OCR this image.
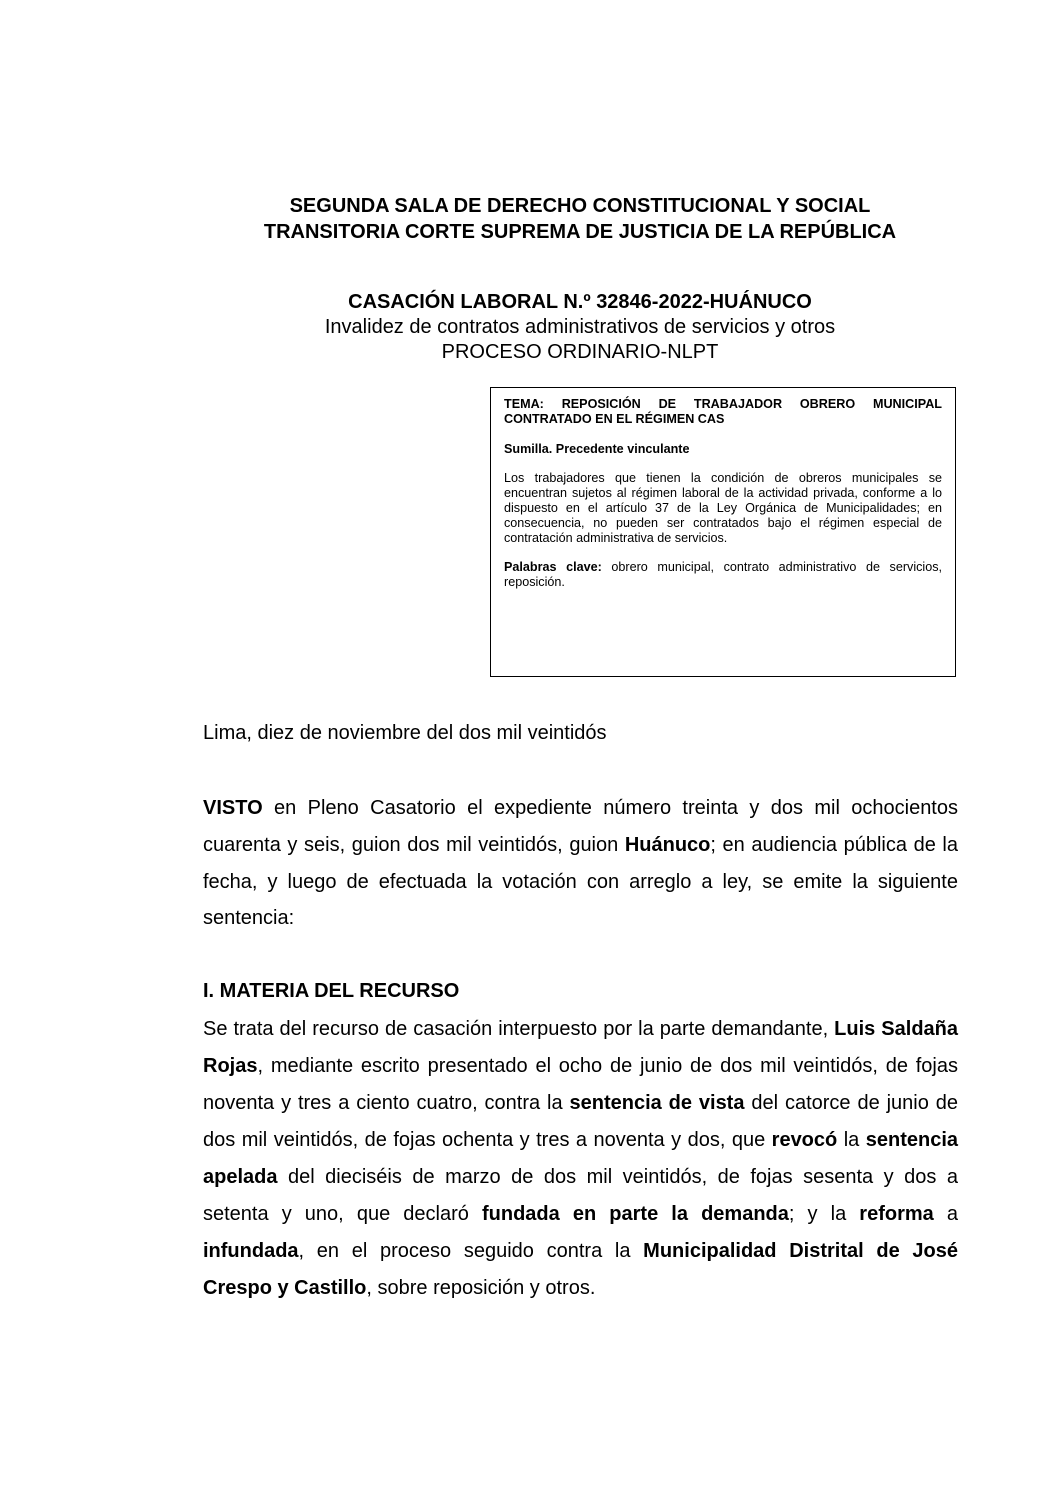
SEGUNDA SALA DE DERECHO CONSTITUCIONAL Y SOCIAL
TRANSITORIA CORTE SUPREMA DE JUSTICIA DE LA REPÚBLICA
CASACIÓN LABORAL N.º 32846-2022-HUÁNUCO
Invalidez de contratos administrativos de servicios y otros
PROCESO ORDINARIO-NLPT

TEMA: REPOSICIÓN DE TRABAJADOR OBRERO MUNICIPAL CONTRATADO EN EL RÉGIMEN CAS

Sumilla. Precedente vinculante

Los trabajadores que tienen la condición de obreros municipales se encuentran sujetos al régimen laboral de la actividad privada, conforme a lo dispuesto en el artículo 37 de la Ley Orgánica de Municipalidades; en consecuencia, no pueden ser contratados bajo el régimen especial de contratación administrativa de servicios.

Palabras clave: obrero municipal, contrato administrativo de servicios, reposición.

Lima, diez de noviembre del dos mil veintidós

VISTO en Pleno Casatorio el expediente número treinta y dos mil ochocientos cuarenta y seis, guion dos mil veintidós, guion Huánuco; en audiencia pública de la fecha, y luego de efectuada la votación con arreglo a ley, se emite la siguiente sentencia:

I. MATERIA DEL RECURSO

Se trata del recurso de casación interpuesto por la parte demandante, Luis Saldaña Rojas, mediante escrito presentado el ocho de junio de dos mil veintidós, de fojas noventa y tres a ciento cuatro, contra la sentencia de vista del catorce de junio de dos mil veintidós, de fojas ochenta y tres a noventa y dos, que revocó la sentencia apelada del dieciséis de marzo de dos mil veintidós, de fojas sesenta y dos a setenta y uno, que declaró fundada en parte la demanda; y la reforma a infundada, en el proceso seguido contra la Municipalidad Distrital de José Crespo y Castillo, sobre reposición y otros.
